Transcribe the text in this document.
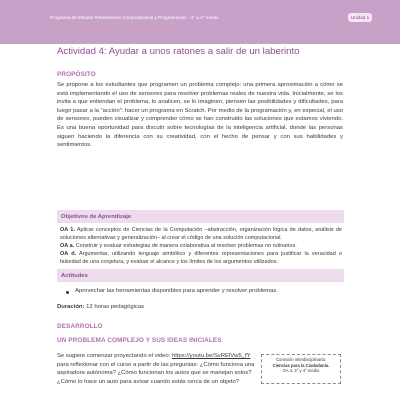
Programa de Estudio Pensamiento Computacional y Programación - 3° a 4° medio	Unidad 1
Actividad 4: Ayudar a unos ratones a salir de un laberinto
PROPÓSITO
Se propone a los estudiantes que programen un problema complejo: una primera aproximación a cómo se está implementando el uso de sensores para resolver problemas reales de nuestra vida. Inicialmente, se los invita a que entiendan el problema, lo analicen, se lo imaginen, piensen las posibilidades y dificultades, para luego pasar a la “acción”: hacer un programa en Scratch. Por medio de la programación y, en especial, el uso de sensores, pueden visualizar y comprender cómo se han construido las soluciones que estamos viviendo. Es una buena oportunidad para discutir sobre tecnologías de la inteligencia artificial, donde las personas siguen haciendo la diferencia con su creatividad, con el hecho de pensar y con sus habilidades y sentimientos.
Objetivos de Aprendizaje
OA 1. Aplicar conceptos de Ciencias de la Computación –abstracción, organización lógica de datos, análisis de soluciones alternativas y generalización– al crear el código de una solución computacional.
OA a. Construir y evaluar estrategias de manera colaborativa al resolver problemas no rutinarios.
OA d. Argumentar, utilizando lenguaje simbólico y diferentes representaciones para justificar la veracidad o falsedad de una conjetura, y evaluar el alcance y los límites de los argumentos utilizados.
Actitudes
Aprovechar las herramientas disponibles para aprender y resolver problemas.
Duración: 12 horas pedagógicas
DESARROLLO
UN PROBLEMA COMPLEJO Y SUS IDEAS INICIALES
Se sugiere comenzar proyectando el video: https://youtu.be/SvRElVw5_fY para reflexionar con el curso a partir de las preguntas: ¿Cómo funciona una aspiradora autónoma? ¿Cómo funcionan los autos que se manejan solos? ¿Cómo lo hace un auto para avisar cuando estás cerca de un objeto?
Conexión interdisciplinaria:
Ciencias para la Ciudadanía.
OA 4, 3° y 4° medio
